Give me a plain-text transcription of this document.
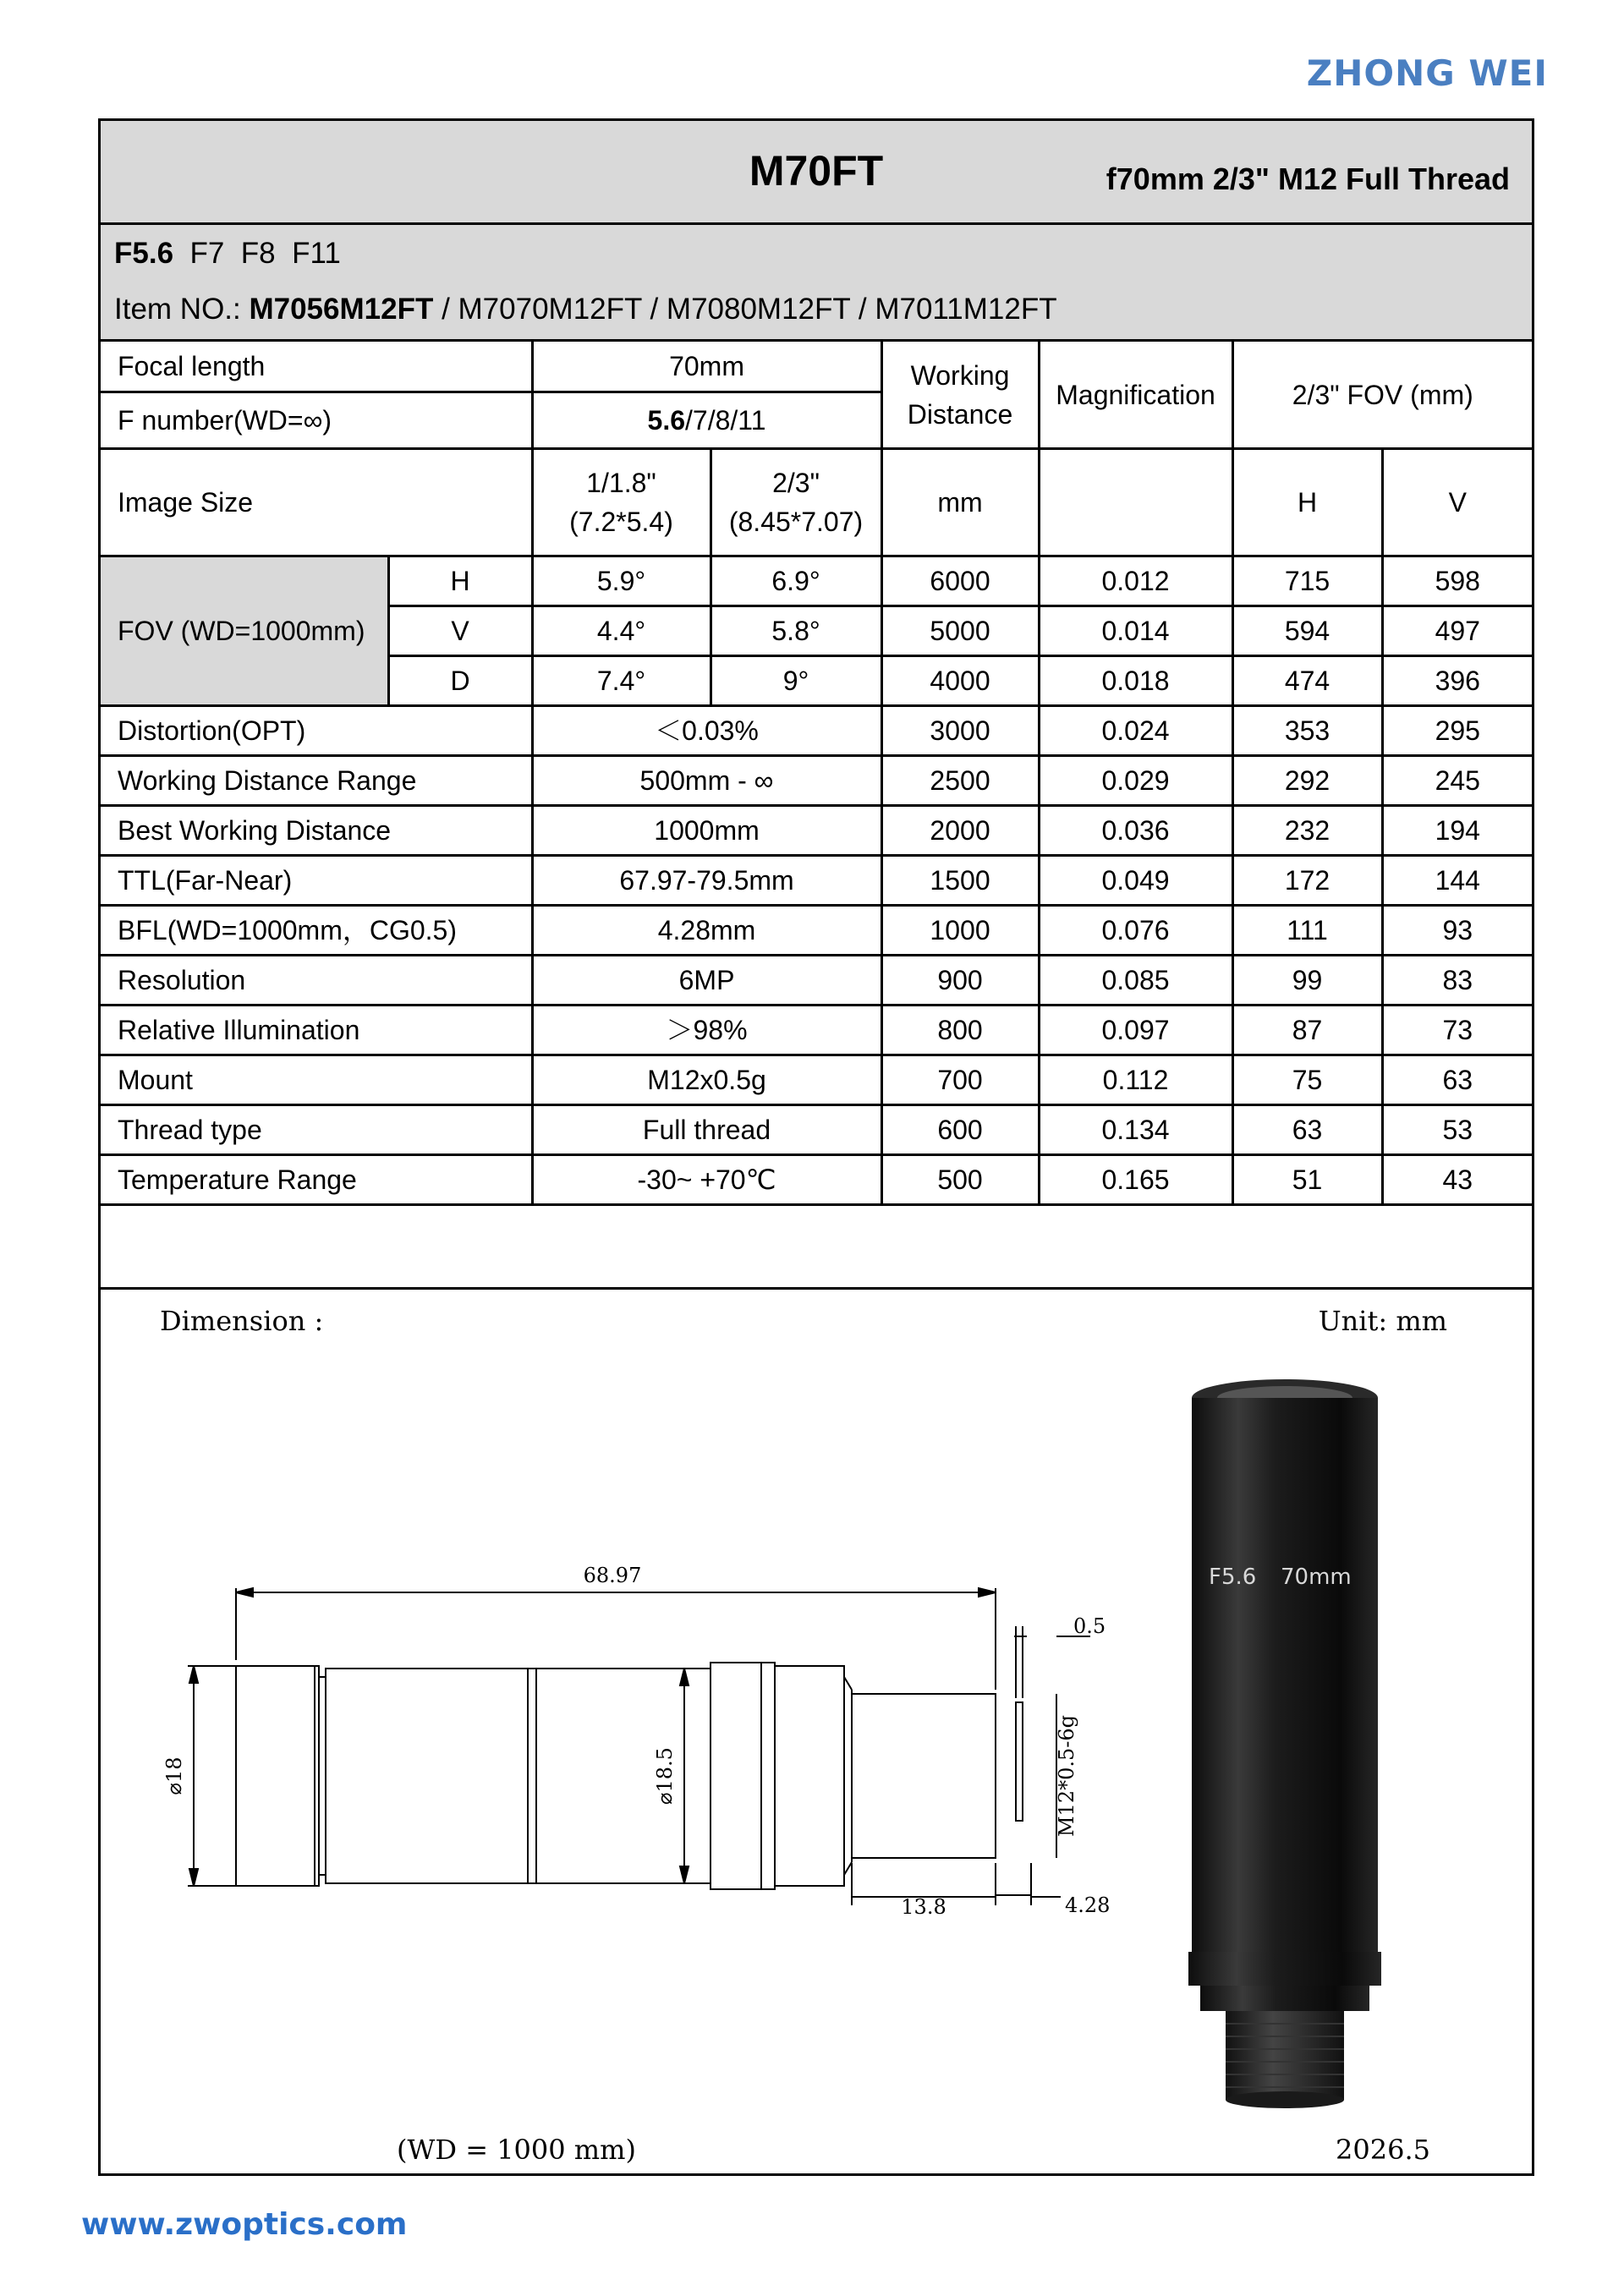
ZHONG WEI
M70FT	f70mm 2/3" M12 Full Thread
F5.6 F7  F8  F11
Item NO.: M7056M12FT / M7070M12FT / M7080M12FT / M7011M12FT
Focal length	70mm	Working Distance	Magnification	2/3" FOV (mm)
F number(WD=∞)	5.6/7/8/11
Image Size	1/1.8" (7.2*5.4)	2/3" (8.45*7.07)	mm		H	V
FOV (WD=1000mm)	H	5.9°	6.9°	6000	0.012	715	598
V	4.4°	5.8°	5000	0.014	594	497
D	7.4°	9°	4000	0.018	474	396
Distortion(OPT)	＜0.03%	3000	0.024	353	295
Working Distance Range	500mm - ∞	2500	0.029	292	245
Best Working Distance	1000mm	2000	0.036	232	194
TTL(Far-Near)	67.97-79.5mm	1500	0.049	172	144
BFL(WD=1000mm，CG0.5)	4.28mm	1000	0.076	111	93
Resolution	6MP	900	0.085	99	83
Relative Illumination	＞98%	800	0.097	87	73
Mount	M12x0.5g	700	0.112	75	63
Thread type	Full thread	600	0.134	63	53
Temperature Range	-30~ +70℃	500	0.165	51	43
Dimension :	Unit: mm
68.97
13.8
0.5
4.28
⌀18	⌀18.5	M12*0.5-6g
F5.6 70mm
(WD = 1000 mm)	2026.5
www.zwoptics.com
